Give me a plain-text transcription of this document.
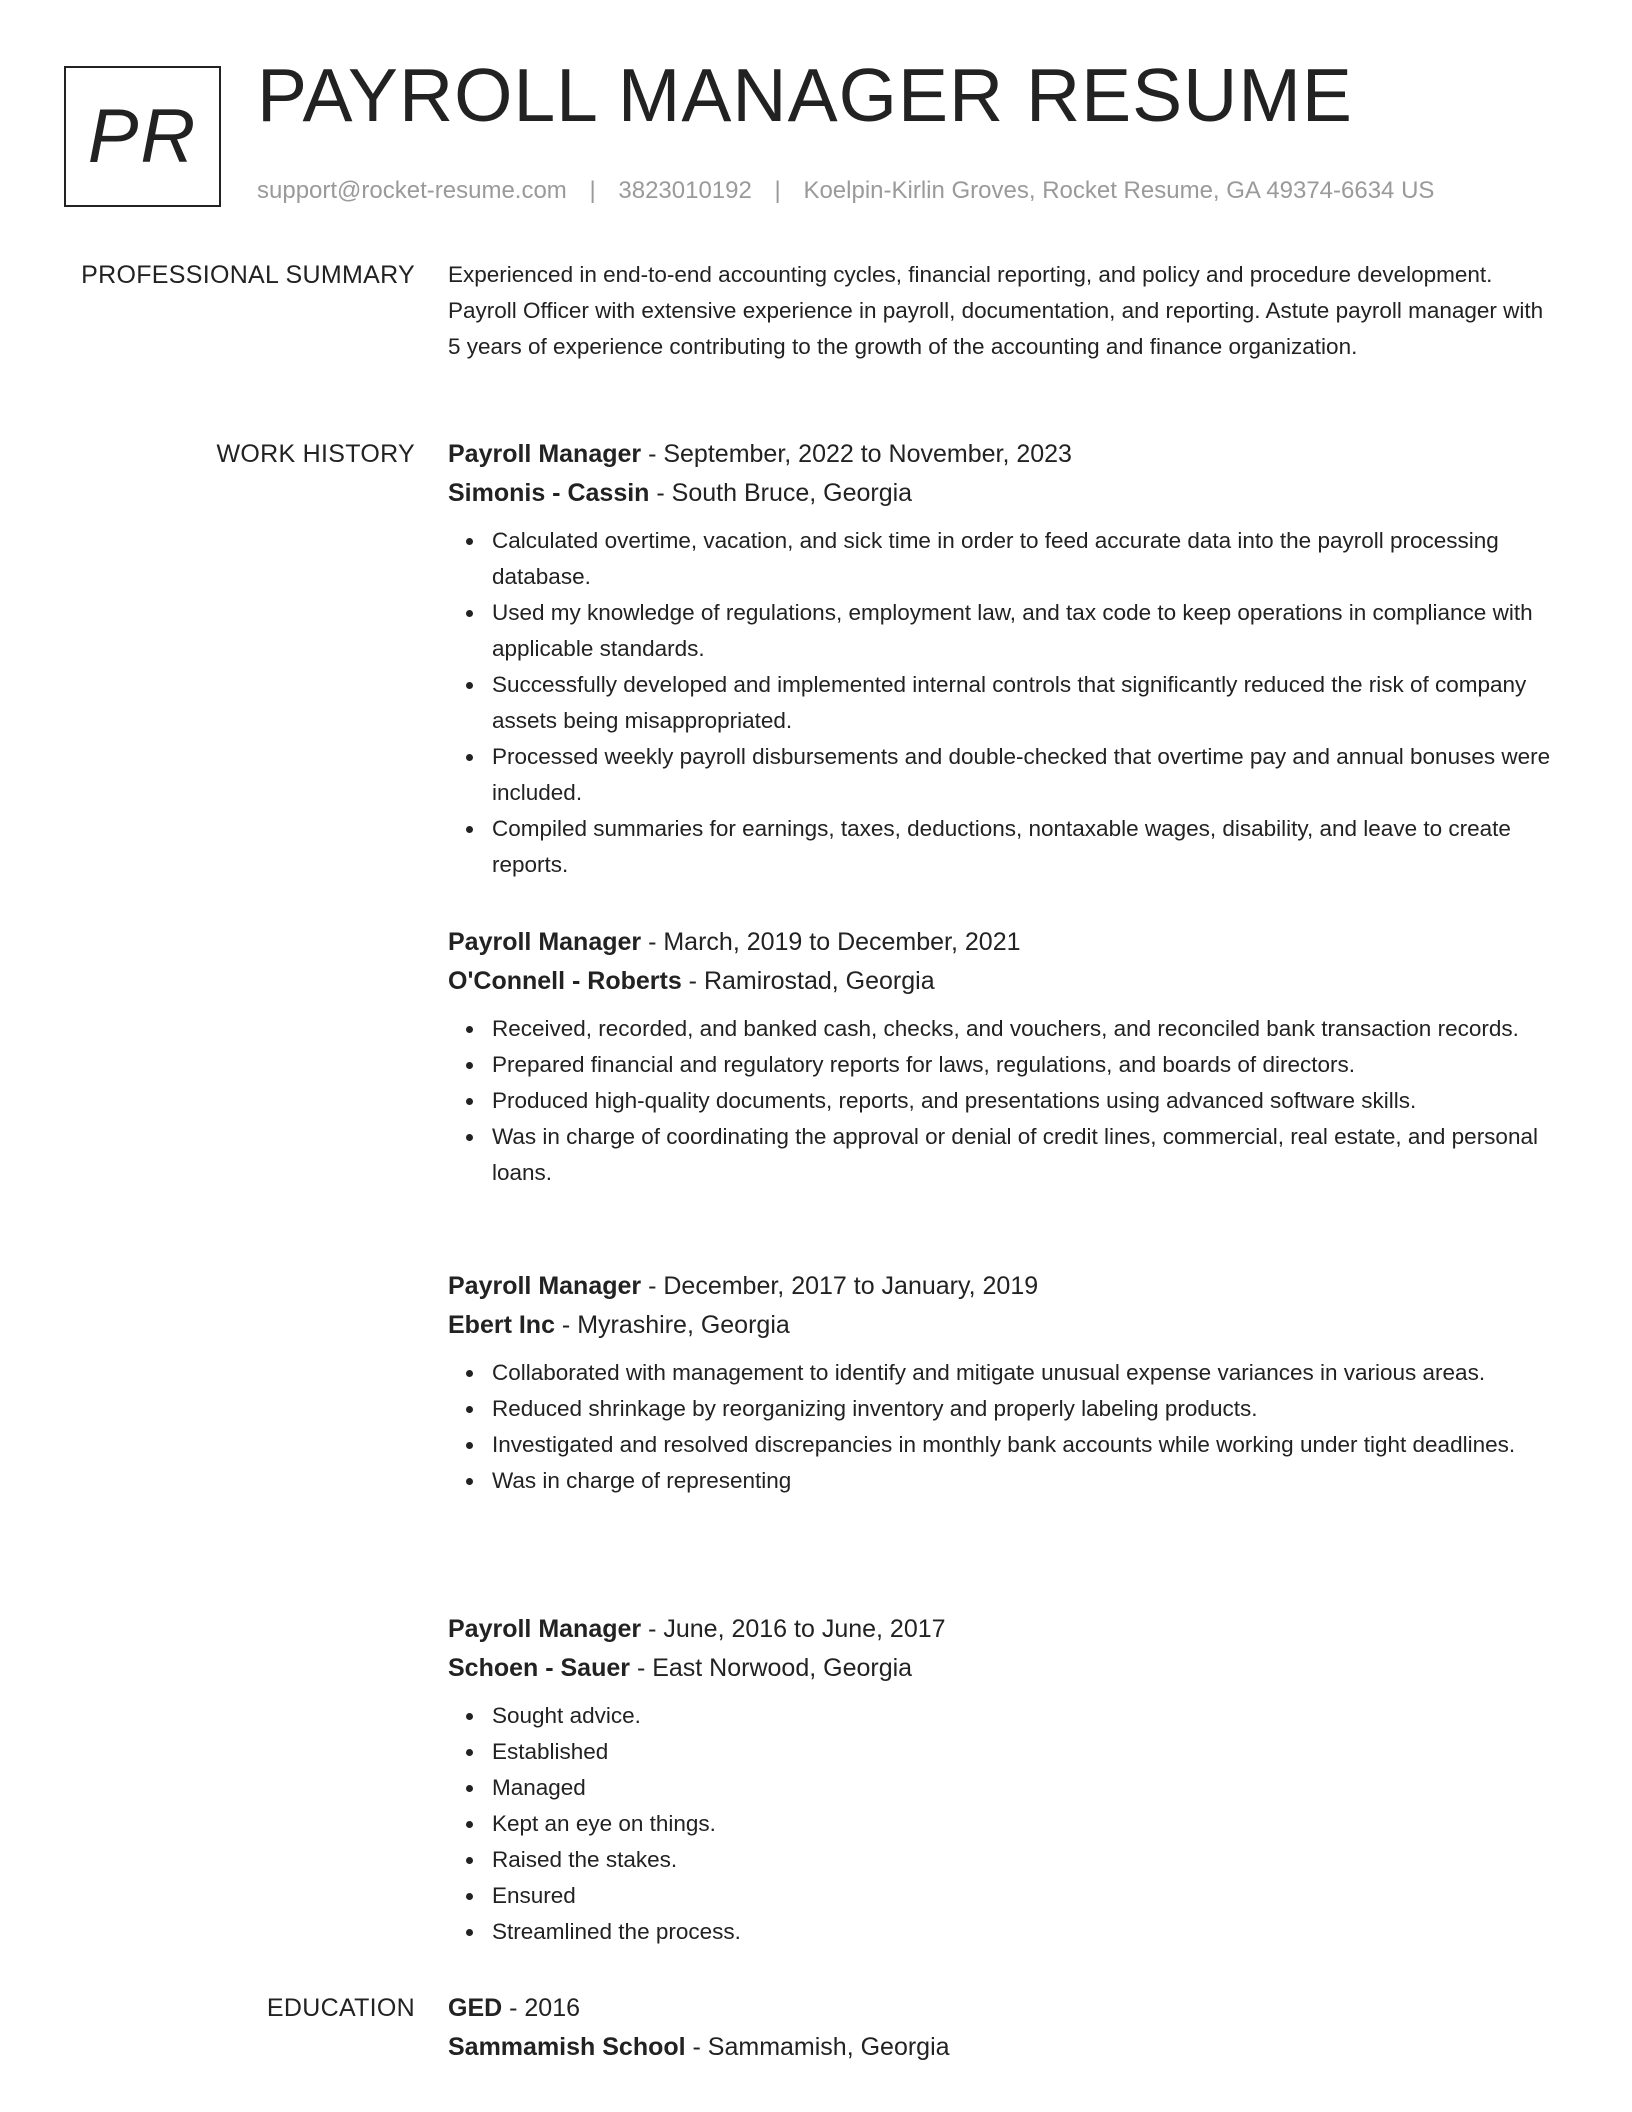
PR PAYROLL MANAGER RESUME
support@rocket-resume.com | 3823010192 | Koelpin-Kirlin Groves, Rocket Resume, GA 49374-6634 US
PROFESSIONAL SUMMARY Experienced in end-to-end accounting cycles, financial reporting, and policy and procedure development. Payroll Officer with extensive experience in payroll, documentation, and reporting. Astute payroll manager with 5 years of experience contributing to the growth of the accounting and finance organization.

WORK HISTORY Payroll Manager - September, 2022 to November, 2023
Simonis - Cassin - South Bruce, Georgia
Calculated overtime, vacation, and sick time in order to feed accurate data into the payroll processing database.
Used my knowledge of regulations, employment law, and tax code to keep operations in compliance with applicable standards.
Successfully developed and implemented internal controls that significantly reduced the risk of company assets being misappropriated.
Processed weekly payroll disbursements and double-checked that overtime pay and annual bonuses were included.
Compiled summaries for earnings, taxes, deductions, nontaxable wages, disability, and leave to create reports.
Payroll Manager - March, 2019 to December, 2021
O'Connell - Roberts - Ramirostad, Georgia
Received, recorded, and banked cash, checks, and vouchers, and reconciled bank transaction records.
Prepared financial and regulatory reports for laws, regulations, and boards of directors.
Produced high-quality documents, reports, and presentations using advanced software skills.
Was in charge of coordinating the approval or denial of credit lines, commercial, real estate, and personal loans.
Payroll Manager - December, 2017 to January, 2019
Ebert Inc - Myrashire, Georgia
Collaborated with management to identify and mitigate unusual expense variances in various areas.
Reduced shrinkage by reorganizing inventory and properly labeling products.
Investigated and resolved discrepancies in monthly bank accounts while working under tight deadlines.
Was in charge of representing
Payroll Manager - June, 2016 to June, 2017
Schoen - Sauer - East Norwood, Georgia
Sought advice.
Established
Managed
Kept an eye on things.
Raised the stakes.
Ensured
Streamlined the process.
EDUCATION GED - 2016
Sammamish School - Sammamish, Georgia
